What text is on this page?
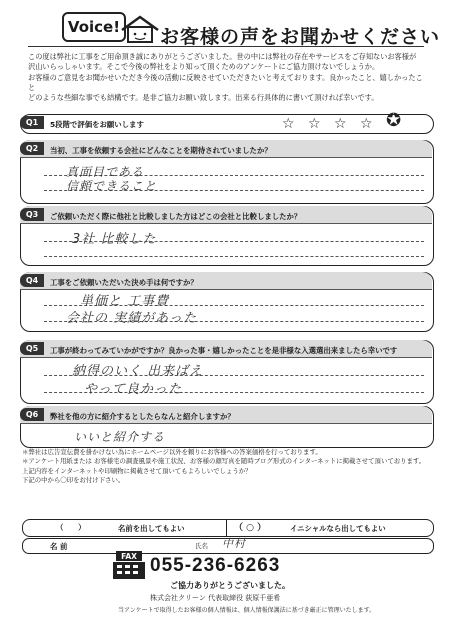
Voice!	お客様の声をお聞かせください

この度は弊社に工事をご用命頂き誠にありがとうございました。世の中には弊社の存在やサービスをご存知ないお客様が

沢山いらっしゃいます。そこで今後の弊社をより知って頂くためのアンケートにご協力頂けないでしょうか。

お客様のご意見をお聞かせいただき今後の活動に反映させていただきたいと考えております。良かったこと、嬉しかったこと

どのような些細な事でも結構です。是非ご協力お願い致します。出来る行具体的に書いて頂ければ幸いです。

Q1	5段階で評価をお願いします	☆ ☆ ☆ ☆ ✪
Q2	当初、工事を依頼する会社にどんなことを期待されていましたか？
真面目である
信頼できること
Q3	ご依頼いただく際に他社と比較しました方はどこの会社と比較しましたか？
3社 比較した
Q4	工事をご依頼いただいた決め手は何ですか？
単価と 工事費
会社の 実績があった
Q5	工事が終わってみていかがですか？良かった事・嬉しかったことを是非様な入選選出来ましたら幸いです
納得のいく 出来ばえ
やって良かった
Q6	弊社を他の方に紹介するとしたらなんと紹介しますか？
いいと紹介する

＊弊社は広告宣伝費を掛かけない為にホームページ以外を頼りにお客様への答案価格を行っております。

＊アンケート用紙または お客様宅の調査風景や施工状況、お客様の顔写真を随時ブログ形式のインターネットに掲載させて頂いております。

上記内容をインターネットや印刷物に掲載させて頂いてもよろしいでしょうか？

下記の中から〇印をお付け下さい。

（　　）	名前を出してもよい	（ ○ ）	イニシャルなら出してもよい
名 前	氏名 中村
FAX 055-236-6263
ご協力ありがとうございました。
株式会社クリーン 代表取締役 荻原千亜希
当アンケートで取得したお客様の個人情報は、個人情報保護法に基づき厳正に管理いたします。
